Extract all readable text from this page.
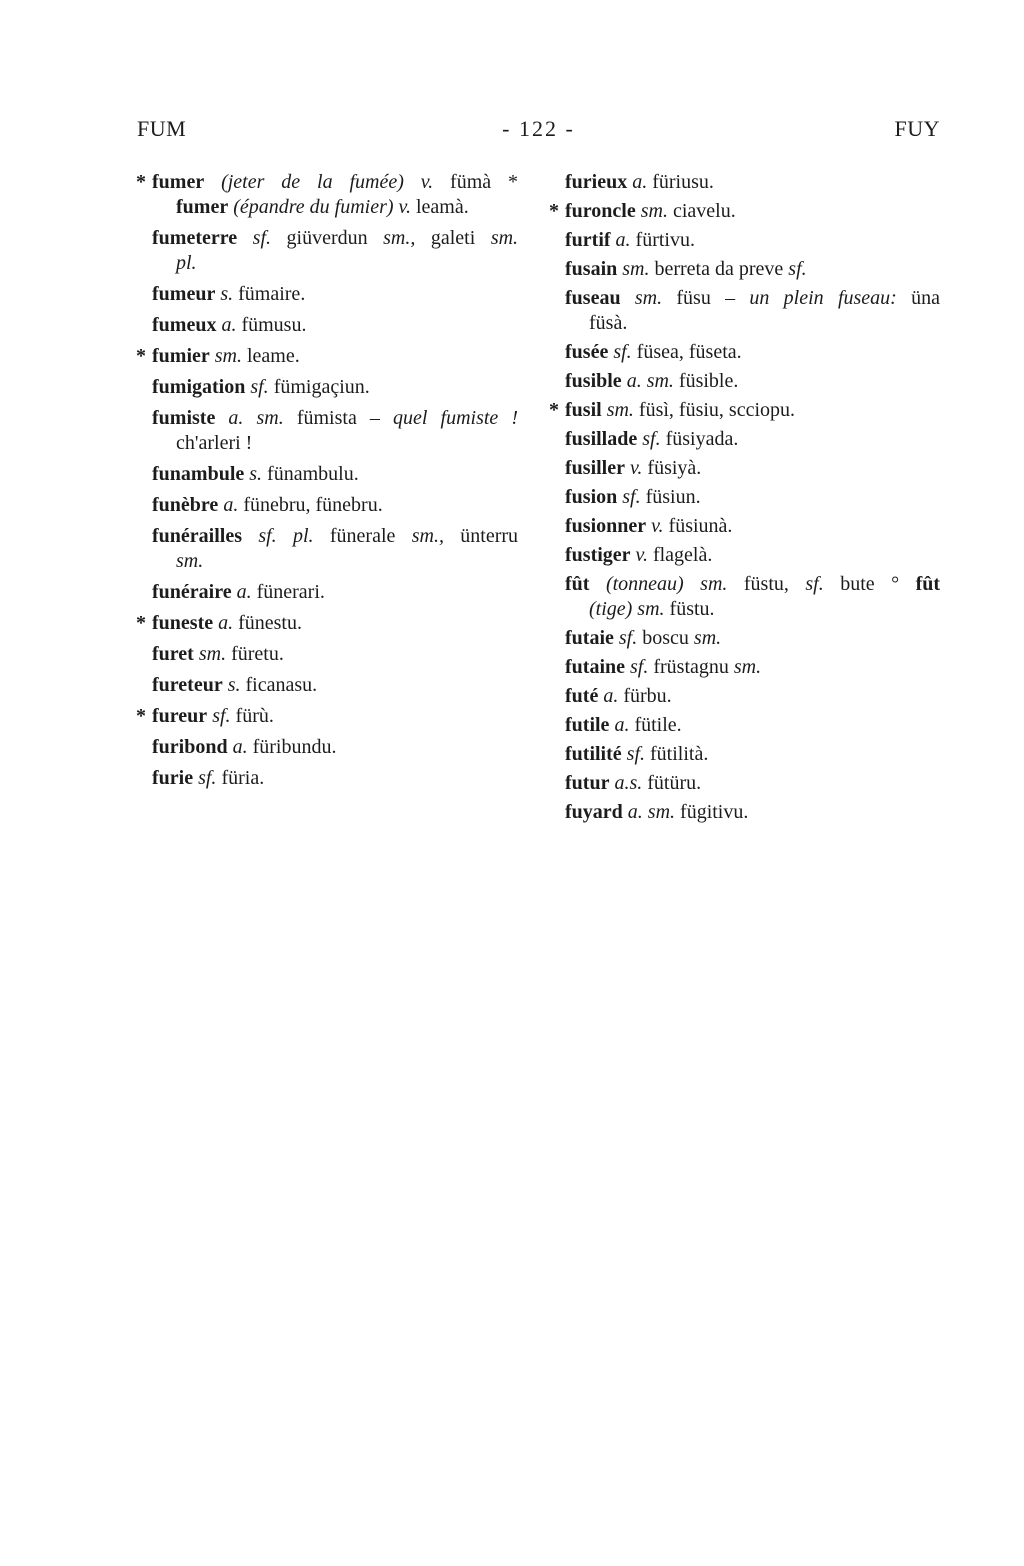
FUM	- 122 -	FUY
* fumer (jeter de la fumée) v. fümà *
fumer (épandre du fumier) v. leamà.
fumeterre sf. giüverdun sm., galeti sm.
pl.
fumeur s. fümaire.
fumeux a. fümusu.
* fumier sm. leame.
fumigation sf. fümigaçiun.
fumiste a. sm. fümista – quel fumiste !
ch'arleri !
funambule s. fünambulu.
funèbre a. fünebru, fünebru.
funérailles sf. pl. fünerale sm., ünterru
sm.
funéraire a. fünerari.
* funeste a. fünestu.
furet sm. füretu.
fureteur s. ficanasu.
* fureur sf. fürù.
furibond a. füribundu.
furie sf. füria.
furieux a. füriusu.
* furoncle sm. ciavelu.
furtif a. fürtivu.
fusain sm. berreta da preve sf.
fuseau sm. füsu – un plein fuseau: üna
füsà.
fusée sf. füsea, füseta.
fusible a. sm. füsible.
* fusil sm. füsì, füsiu, scciopu.
fusillade sf. füsiyada.
fusiller v. füsiyà.
fusion sf. füsiun.
fusionner v. füsiunà.
fustiger v. flagelà.
fût (tonneau) sm. füstu, sf. bute ° fût
(tige) sm. füstu.
futaie sf. boscu sm.
futaine sf. früstagnu sm.
futé a. fürbu.
futile a. fütile.
futilité sf. fütilità.
futur a.s. fütüru.
fuyard a. sm. fügitivu.
